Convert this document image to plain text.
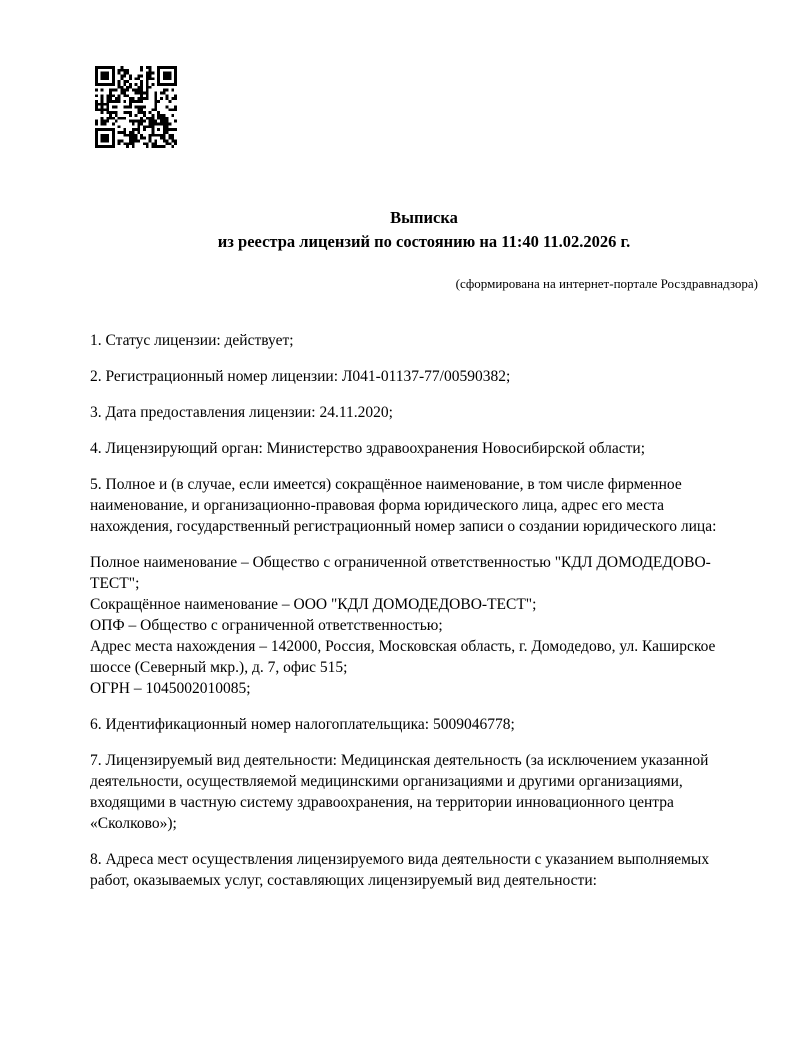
Выписка
из реестра лицензий по состоянию на 11:40 11.02.2026 г.
(сформирована на интернет-портале Росздравнадзора)

1. Статус лицензии: действует;

2. Регистрационный номер лицензии: Л041-01137-77/00590382;

3. Дата предоставления лицензии: 24.11.2020;

4. Лицензирующий орган: Министерство здравоохранения Новосибирской области;

5. Полное и (в случае, если имеется) сокращённое наименование, в том числе фирменное наименование, и организационно-правовая форма юридического лица, адрес его места нахождения, государственный регистрационный номер записи о создании юридического лица:

Полное наименование – Общество с ограниченной ответственностью "КДЛ ДОМОДЕДОВО-ТЕСТ";
Сокращённое наименование – ООО "КДЛ ДОМОДЕДОВО-ТЕСТ";
ОПФ – Общество с ограниченной ответственностью;
Адрес места нахождения – 142000, Россия, Московская область, г. Домодедово, ул. Каширское шоссе (Северный мкр.), д. 7, офис 515;
ОГРН – 1045002010085;

6. Идентификационный номер налогоплательщика: 5009046778;

7. Лицензируемый вид деятельности: Медицинская деятельность (за исключением указанной деятельности, осуществляемой медицинскими организациями и другими организациями, входящими в частную систему здравоохранения, на территории инновационного центра «Сколково»);

8. Адреса мест осуществления лицензируемого вида деятельности с указанием выполняемых работ, оказываемых услуг, составляющих лицензируемый вид деятельности:
